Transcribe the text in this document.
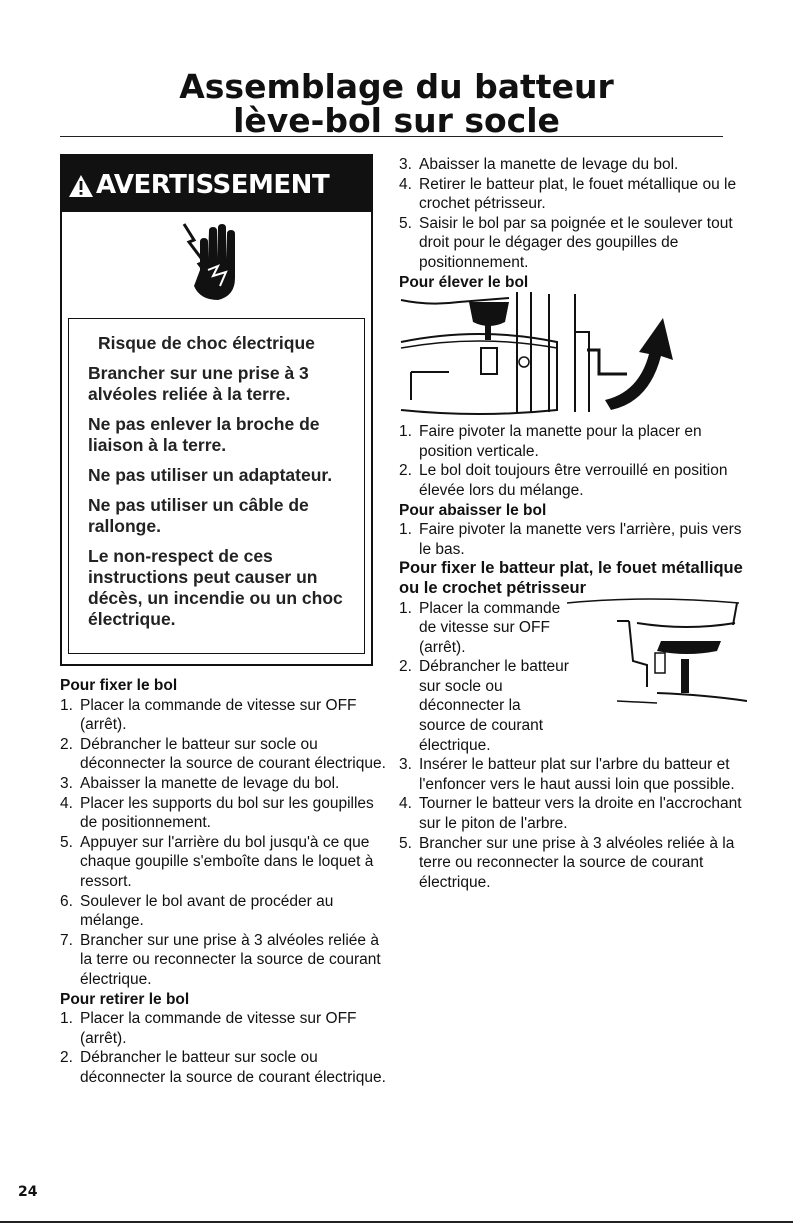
Assemblage du batteur
lève-bol sur socle
AVERTISSEMENT

Risque de choc électrique

Brancher sur une prise à 3 alvéoles reliée à la terre.

Ne pas enlever la broche de liaison à la terre.

Ne pas utiliser un adaptateur.

Ne pas utiliser un câble de rallonge.

Le non-respect de ces instructions peut causer un décès, un incendie ou un choc électrique.

Pour fixer le bol

1. Placer la commande de vitesse sur OFF (arrêt).
2. Débrancher le batteur sur socle ou déconnecter la source de courant électrique.
3. Abaisser la manette de levage du bol.
4. Placer les supports du bol sur les goupilles de positionnement.
5. Appuyer sur l'arrière du bol jusqu'à ce que chaque goupille s'emboîte dans le loquet à ressort.
6. Soulever le bol avant de procéder au mélange.
7. Brancher sur une prise à 3 alvéoles reliée à la terre ou reconnecter la source de courant électrique.

Pour retirer le bol

1. Placer la commande de vitesse sur OFF (arrêt).
2. Débrancher le batteur sur socle ou déconnecter la source de courant électrique.
3. Abaisser la manette de levage du bol.
4. Retirer le batteur plat, le fouet métallique ou le crochet pétrisseur.
5. Saisir le bol par sa poignée et le soulever tout droit pour le dégager des goupilles de positionnement.

Pour élever le bol

1. Faire pivoter la manette pour la placer en position verticale.
2. Le bol doit toujours être verrouillé en position élevée lors du mélange.

Pour abaisser le bol

1. Faire pivoter la manette vers l'arrière, puis vers le bas.

Pour fixer le batteur plat, le fouet métallique ou le crochet pétrisseur

1. Placer la commande de vitesse sur OFF (arrêt).
2. Débrancher le batteur sur socle ou déconnecter la source de courant électrique.
3. Insérer le batteur plat sur l'arbre du batteur et l'enfoncer vers le haut aussi loin que possible.
4. Tourner le batteur vers la droite en l'accrochant sur le piton de l'arbre.
5. Brancher sur une prise à 3 alvéoles reliée à la terre ou reconnecter la source de courant électrique.
24
